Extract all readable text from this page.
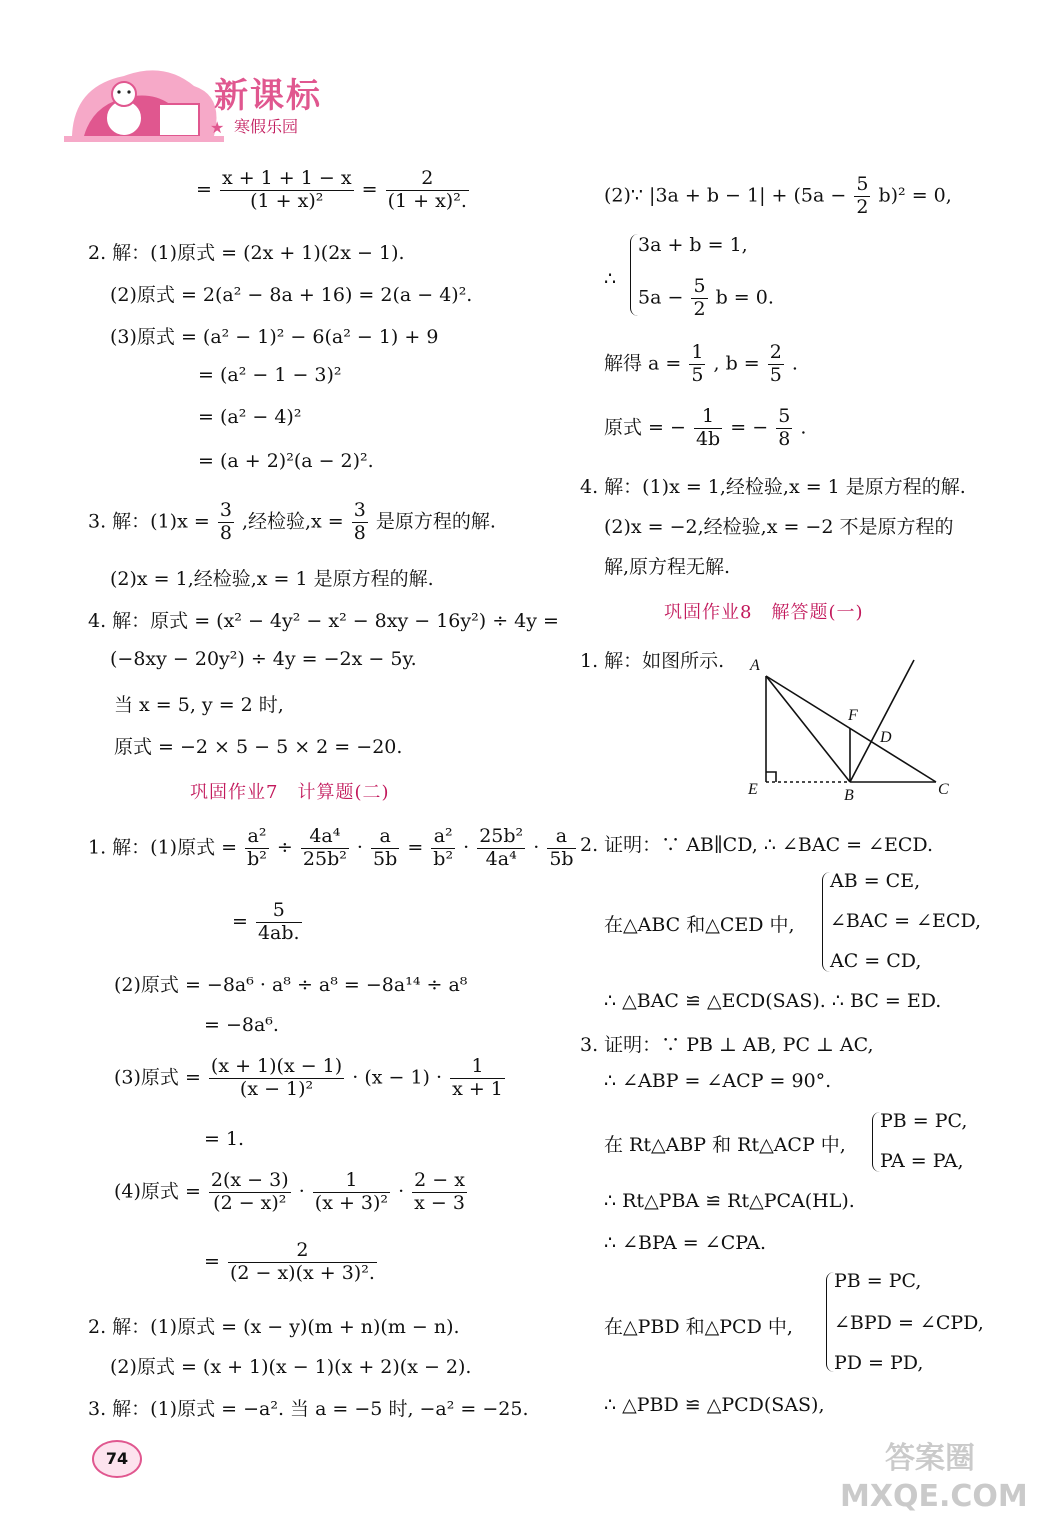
新课标
寒假乐园
★
= $\frac{x + 1 + 1 - x}{\text{(1 + x)²}} = \frac{2}{\text{(1 + x)².}}$
2. 解：(1)原式 = (2x + 1)(2x − 1).
(2)原式 = 2(a² − 8a + 16) = 2(a − 4)².
(3)原式 = (a² − 1)² − 6(a² − 1) + 9
= (a² − 1 − 3)²
= (a² − 4)²
= (a + 2)²(a − 2)².
3. 解：$(1)x = \frac{3}{8}$ ,经检验$,x = \frac{3}{8}$ 是原方程的解.
(2)x = 1,经检验,x = 1 是原方程的解.
4. 解：原式 = (x² − 4y² − x² − 8xy − 16y²) ÷ 4y =
(−8xy − 20y²) ÷ 4y = −2x − 5y.
当 x = 5, y = 2 时,
原式 = −2 × 5 − 5 × 2 = −20.
巩固作业7　计算题(二)
1. 解：(1)原式 = $\frac{\text{a²}}{\text{b²}} \div \frac{\text{4a⁴}}{\text{25b²}} \cdot \frac{a}{5b} = \frac{\text{a²}}{\text{b²}} \cdot \frac{\text{25b²}}{\text{4a⁴}} \cdot \frac{a}{5b}$
= $\frac{5}{4ab.}$
(2)原式 = −8a⁶ · a⁸ ÷ a⁸ = −8a¹⁴ ÷ a⁸
= −8a⁶.
(3)原式 = $\frac{(x + 1)(x - 1)}{\text{(x − 1)²}} \cdot (x - 1) \cdot \frac{1}{x + 1}$
= 1.
(4)原式 = $\frac{2(x - 3)}{\text{(2 − x)²}} \cdot \frac{1}{\text{(x + 3)²}} \cdot \frac{2 - x}{x - 3}$
= $\frac{2}{\text{(2 − x)(x + 3)².}}$
2. 解：(1)原式 = (x − y)(m + n)(m − n).
(2)原式 = (x + 1)(x − 1)(x + 2)(x − 2).
3. 解：(1)原式 = −a². 当 a = −5 时, −a² = −25.
74
(2)∵ $|3a + b - 1| + (5a - \frac{5}{2} b)^2 = 0$,
∴
3a + b = 1,
$5a - \frac{5}{2}$ b = 0.
解得 $a = \frac{1}{5}$ , $b = \frac{2}{5}$ .
原式 = − $\frac{1}{4b}$ = − $\frac{5}{8}$ .
4. 解：(1)x = 1,经检验,x = 1 是原方程的解.
(2)x = −2,经检验,x = −2 不是原方程的
解,原方程无解.
巩固作业8　解答题(一)
1. 解：如图所示. A
F
D
E	B	C
2. 证明：∵ AB∥CD, ∴ ∠BAC = ∠ECD.
在△ABC 和△CED 中,
AB = CE,
∠BAC = ∠ECD,
AC = CD,
∴ △BAC ≌ △ECD(SAS). ∴ BC = ED.
3. 证明：∵ PB ⊥ AB, PC ⊥ AC,
∴ ∠ABP = ∠ACP = 90°.
在 Rt△ABP 和 Rt△ACP 中,
PB = PC,
PA = PA,
∴ Rt△PBA ≌ Rt△PCA(HL).
∴ ∠BPA = ∠CPA.
在△PBD 和△PCD 中,
PB = PC,
∠BPD = ∠CPD,
PD = PD,
∴ △PBD ≌ △PCD(SAS),
答案圈 MXQE.COM
